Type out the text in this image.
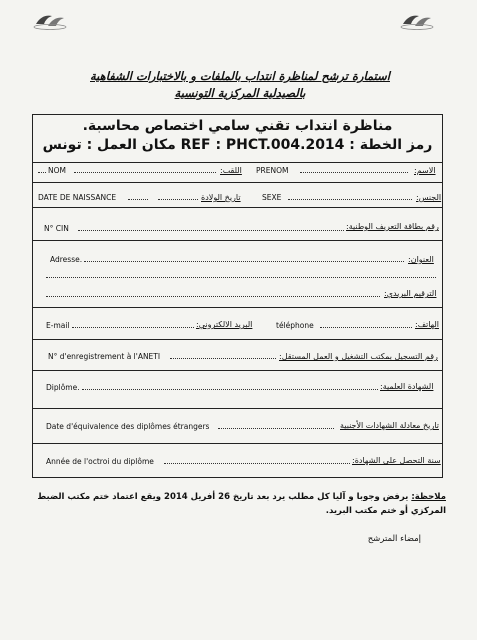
استمارة ترشح لمناظرة انتداب بالملفات و بالاختبارات الشفاهية
بالصيدلية المركزية التونسية
مناظرة انتداب تقني سامي اختصاص محاسبة.
رمز الخطة : REF : PHCT.004.2014 مكان العمل : تونس
NOM	اللقب: PRENOM	الاسم:
DATE DE NAISSANCE	تاريخ الولادة	SEXE	الجنس:
N° CIN	رقم بطاقة التعريف الوطنية:
Adresse.	العنوان:
الترقيم البريدي:
E-mail	البريد الالكتروني:	téléphone	الهاتف:
N° d'enregistrement à l'ANETI	رقم التسجيل بمكتب التشغيل و العمل المستقل:
Diplôme.	الشهادة العلمية:
Date d'équivalence des diplômes étrangers	تاريخ معادلة الشهادات الأجنبية
Année de l'octroi du diplôme	سنة التحصل على الشهادة:
ملاحظة: يرفض وجوبا و آليا كل مطلب يرد بعد تاريخ 26 أفريل 2014 ويقع اعتماد ختم مكتب الضبط المركزي أو ختم مكتب البريد.
إمضاء المترشح
